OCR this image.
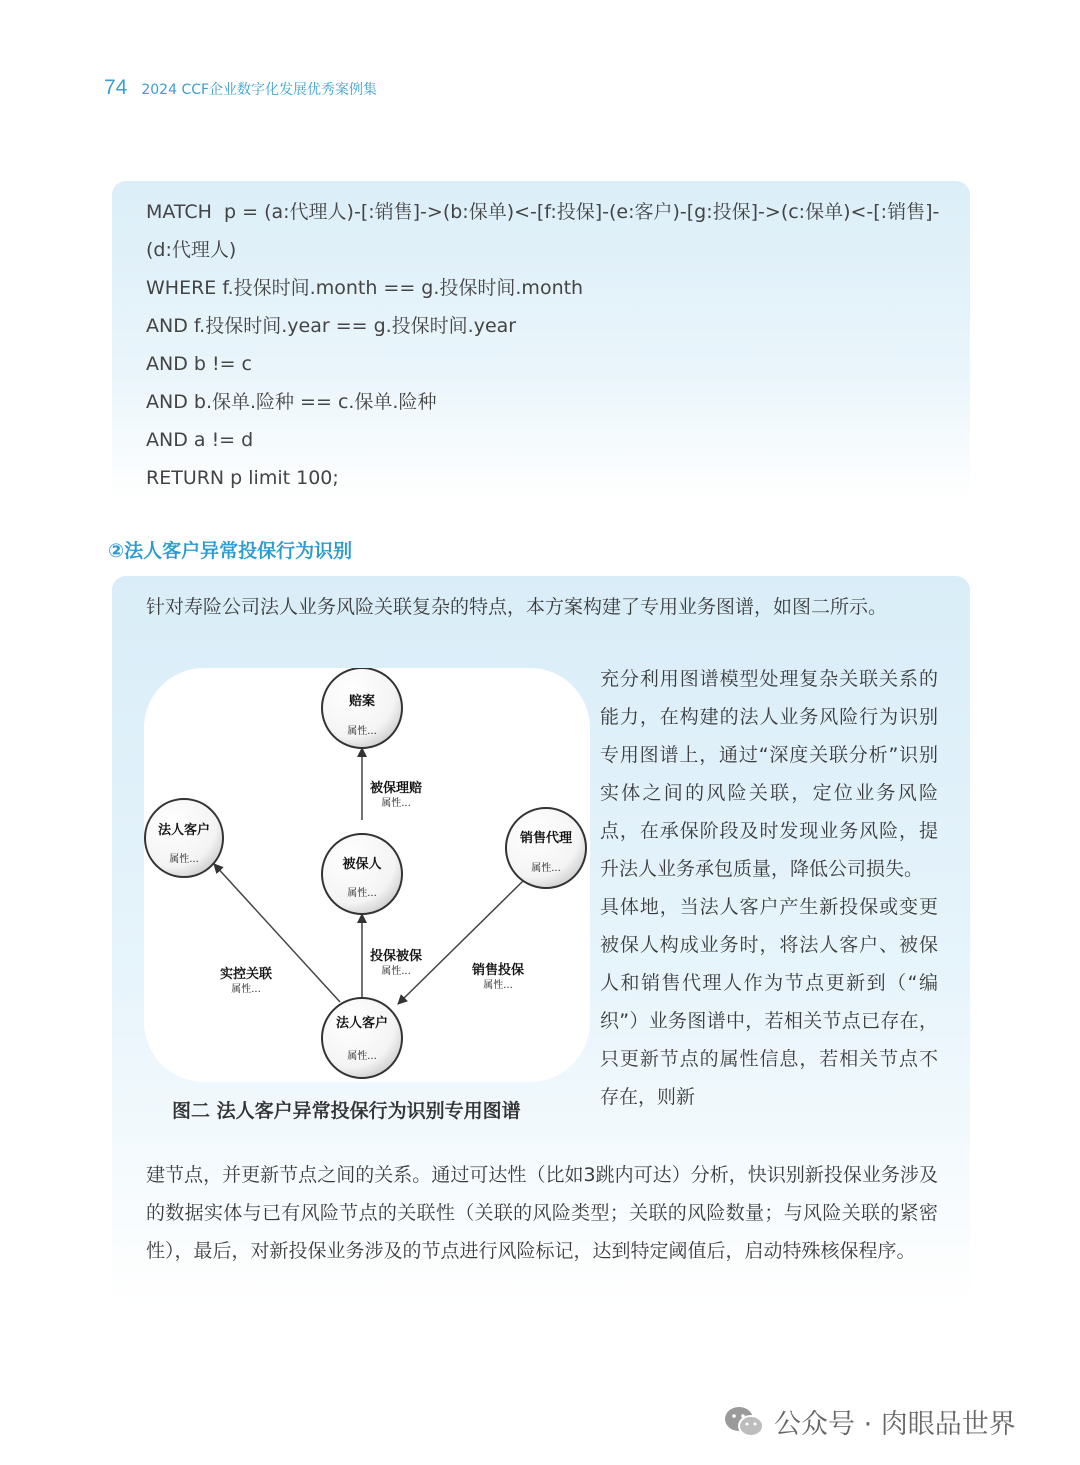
74 2024 CCF企业数字化发展优秀案例集
MATCH  p = (a:代理人)-[:销售]->(b:保单)<-[f:投保]-(e:客户)-[g:投保]->(c:保单)<-[:销售]-(d:代理人)
WHERE f.投保时间.month == g.投保时间.month
AND f.投保时间.year == g.投保时间.year
AND b != c
AND b.保单.险种 == c.保单.险种
AND a != d
RETURN p limit 100;
②法人客户异常投保行为识别
针对寿险公司法人业务风险关联复杂的特点，本方案构建了专用业务图谱，如图二所示。
赔案
属性...
法人客户
属性...	被保人
属性...
销售代理
属性...
法人客户
属性...
被保理赔
属性...
实控关联
属性...
投保被保
属性...	销售投保
属性...
图二 法人客户异常投保行为识别专用图谱
充分利用图谱模型处理复杂关联关系的能力，在构建的法人业务风险行为识别专用图谱上，通过“深度关联分析”识别实体之间的风险关联，定位业务风险点，在承保阶段及时发现业务风险，提升法人业务承包质量，降低公司损失。
具体地，当法人客户产生新投保或变更被保人构成业务时，将法人客户、被保人和销售代理人作为节点更新到（“编织”）业务图谱中，若相关节点已存在，只更新节点的属性信息，若相关节点不存在，则新
建节点，并更新节点之间的关系。通过可达性（比如3跳内可达）分析，快识别新投保业务涉及的数据实体与已有风险节点的关联性（关联的风险类型；关联的风险数量；与风险关联的紧密性），最后，对新投保业务涉及的节点进行风险标记，达到特定阈值后，启动特殊核保程序。
公众号 · 肉眼品世界
